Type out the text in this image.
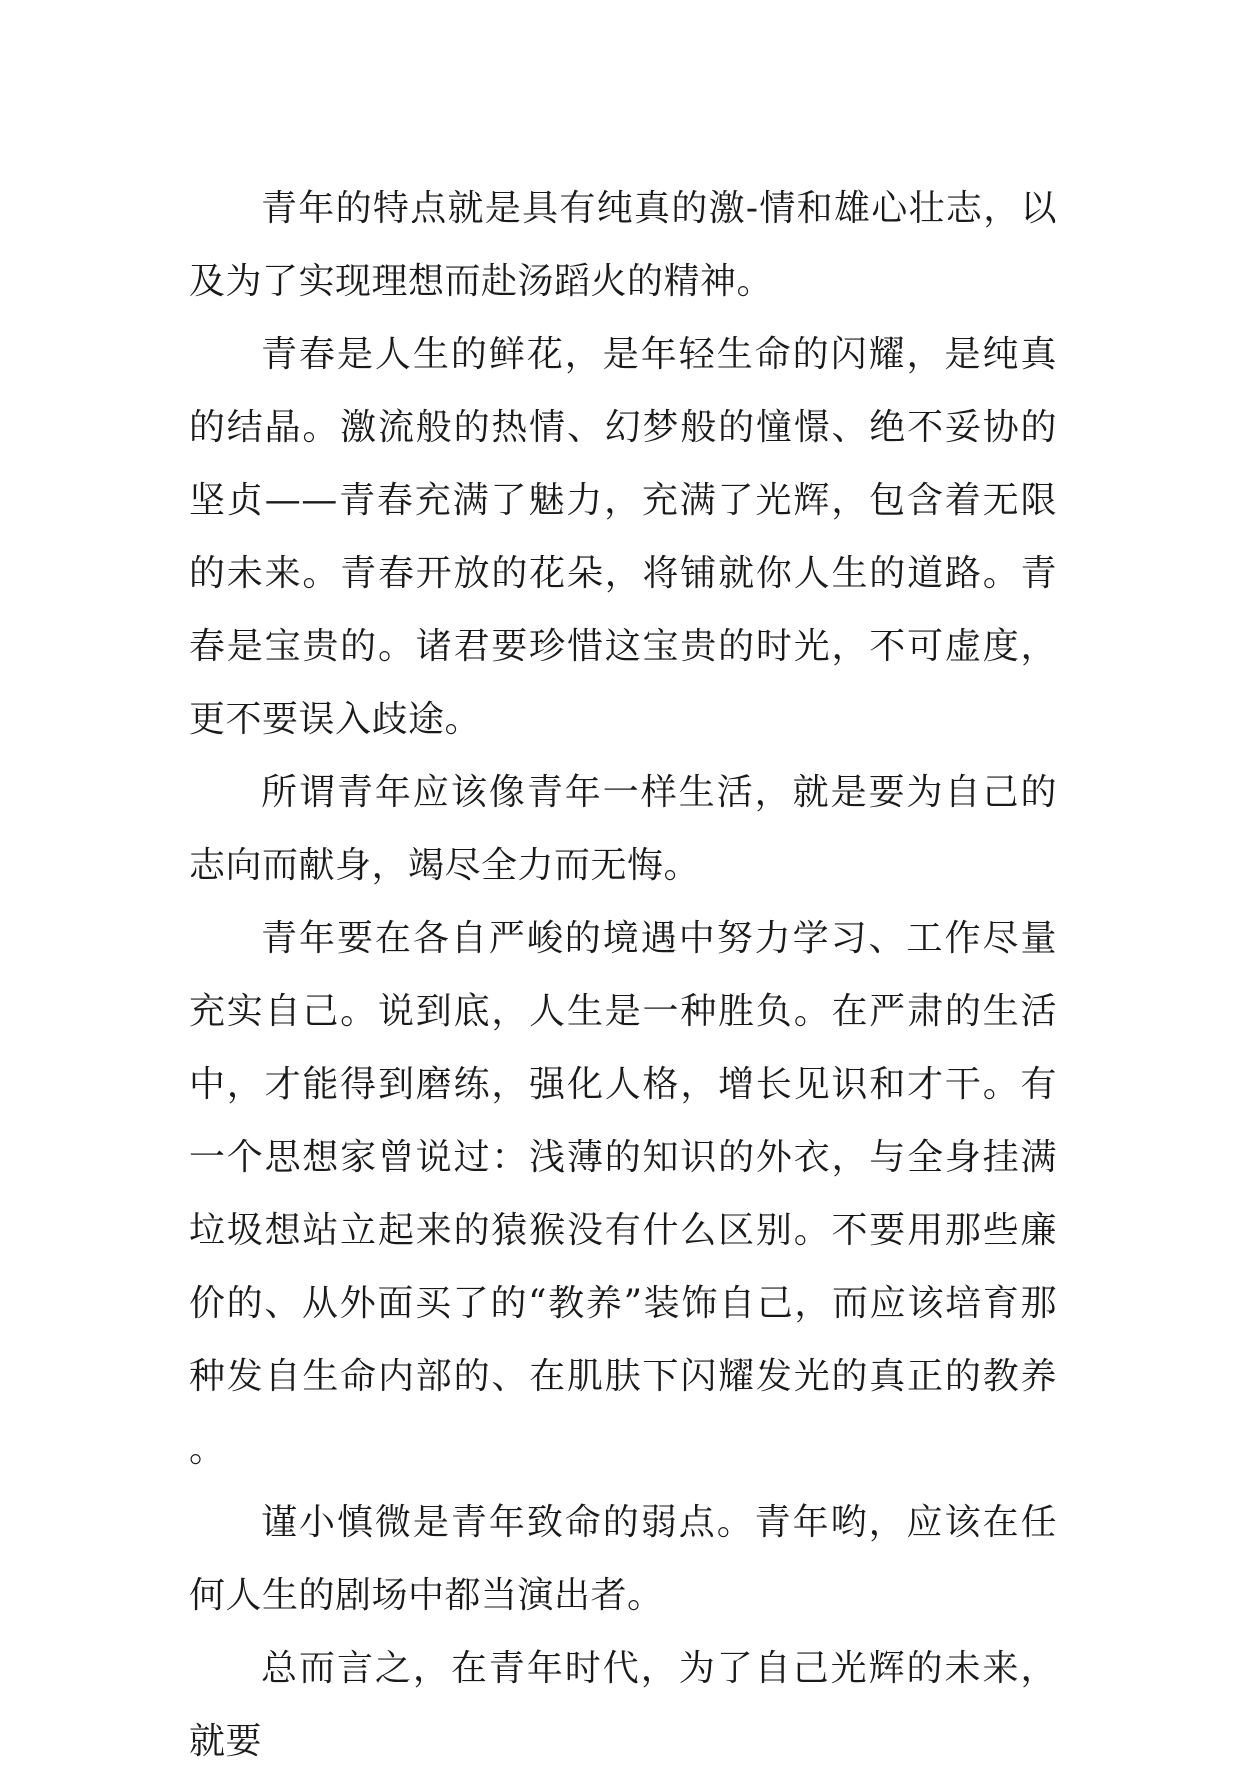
青年的特点就是具有纯真的激-情和雄心壮志，以及为了实现理想而赴汤蹈火的精神。

青春是人生的鲜花，是年轻生命的闪耀，是纯真的结晶。激流般的热情、幻梦般的憧憬、绝不妥协的坚贞——青春充满了魅力，充满了光辉，包含着无限的未来。青春开放的花朵，将铺就你人生的道路。青春是宝贵的。诸君要珍惜这宝贵的时光，不可虚度，更不要误入歧途。

所谓青年应该像青年一样生活，就是要为自己的志向而献身，竭尽全力而无悔。

青年要在各自严峻的境遇中努力学习、工作尽量充实自己。说到底，人生是一种胜负。在严肃的生活中，才能得到磨练，强化人格，增长见识和才干。有一个思想家曾说过：浅薄的知识的外衣，与全身挂满垃圾想站立起来的猿猴没有什么区别。不要用那些廉价的、从外面买了的“教养”装饰自己，而应该培育那种发自生命内部的、在肌肤下闪耀发光的真正的教养。

谨小慎微是青年致命的弱点。青年哟，应该在任何人生的剧场中都当演出者。

总而言之，在青年时代，为了自己光辉的未来，就要
